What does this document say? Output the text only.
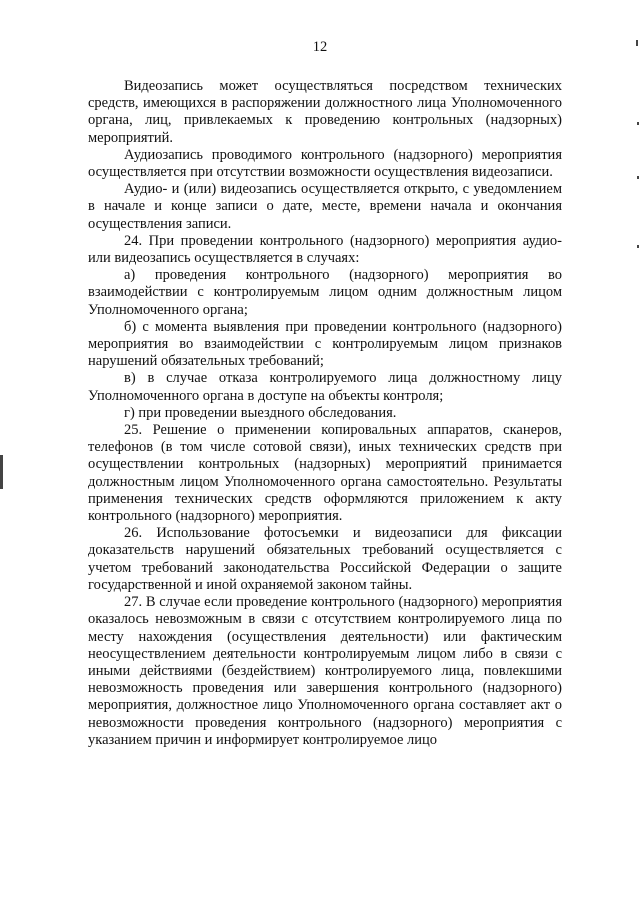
12

Видеозапись может осуществляться посредством технических средств, имеющихся в распоряжении должностного лица Уполномоченного органа, лиц, привлекаемых к проведению контрольных (надзорных) мероприятий.

Аудиозапись проводимого контрольного (надзорного) мероприятия осуществляется при отсутствии возможности осуществления видеозаписи.

Аудио- и (или) видеозапись осуществляется открыто, с уведомлением в начале и конце записи о дате, месте, времени начала и окончания осуществления записи.

24. При проведении контрольного (надзорного) мероприятия аудио- или видеозапись осуществляется в случаях:

а) проведения контрольного (надзорного) мероприятия во взаимодействии с контролируемым лицом одним должностным лицом Уполномоченного органа;

б) с момента выявления при проведении контрольного (надзорного) мероприятия во взаимодействии с контролируемым лицом признаков нарушений обязательных требований;

в) в случае отказа контролируемого лица должностному лицу Уполномоченного органа в доступе на объекты контроля;

г) при проведении выездного обследования.

25. Решение о применении копировальных аппаратов, сканеров, телефонов (в том числе сотовой связи), иных технических средств при осуществлении контрольных (надзорных) мероприятий принимается должностным лицом Уполномоченного органа самостоятельно. Результаты применения технических средств оформляются приложением к акту контрольного (надзорного) мероприятия.

26. Использование фотосъемки и видеозаписи для фиксации доказательств нарушений обязательных требований осуществляется с учетом требований законодательства Российской Федерации о защите государственной и иной охраняемой законом тайны.

27. В случае если проведение контрольного (надзорного) мероприятия оказалось невозможным в связи с отсутствием контролируемого лица по месту нахождения (осуществления деятельности) или фактическим неосуществлением деятельности контролируемым лицом либо в связи с иными действиями (бездействием) контролируемого лица, повлекшими невозможность проведения или завершения контрольного (надзорного) мероприятия, должностное лицо Уполномоченного органа составляет акт о невозможности проведения контрольного (надзорного) мероприятия с указанием причин и информирует контролируемое лицо
